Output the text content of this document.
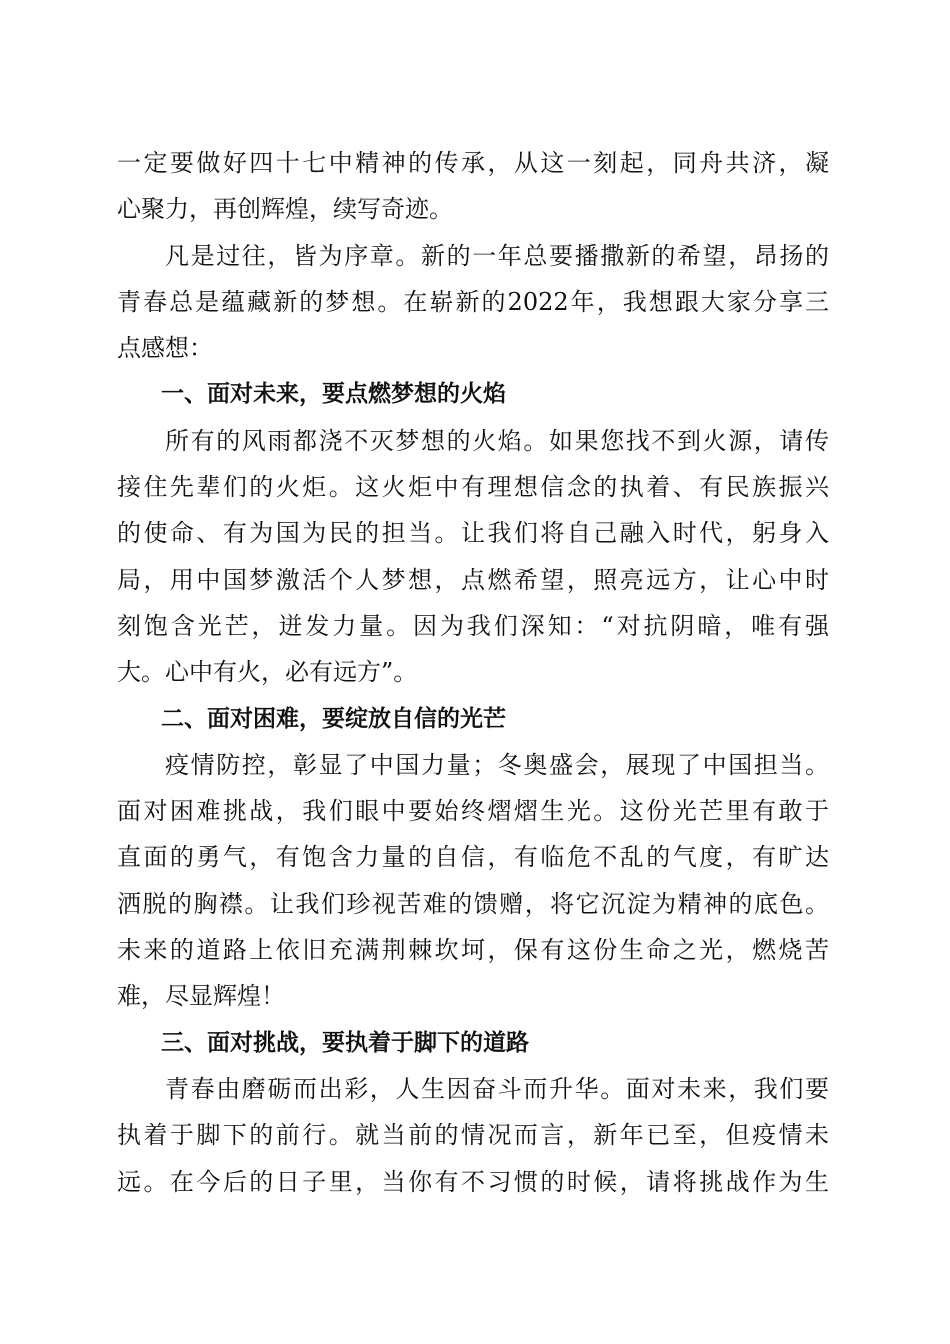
一定要做好四十七中精神的传承，从这一刻起，同舟共济，凝
心聚力，再创辉煌，续写奇迹。
凡是过往，皆为序章。新的一年总要播撒新的希望，昂扬的
青春总是蕴藏新的梦想。在崭新的2022年，我想跟大家分享三
点感想：
一、面对未来，要点燃梦想的火焰
所有的风雨都浇不灭梦想的火焰。如果您找不到火源，请传
接住先辈们的火炬。这火炬中有理想信念的执着、有民族振兴
的使命、有为国为民的担当。让我们将自己融入时代，躬身入
局，用中国梦激活个人梦想，点燃希望，照亮远方，让心中时
刻饱含光芒，迸发力量。因为我们深知：“对抗阴暗，唯有强
大。心中有火，必有远方”。
二、面对困难，要绽放自信的光芒
疫情防控，彰显了中国力量；冬奥盛会，展现了中国担当。
面对困难挑战，我们眼中要始终熠熠生光。这份光芒里有敢于
直面的勇气，有饱含力量的自信，有临危不乱的气度，有旷达
洒脱的胸襟。让我们珍视苦难的馈赠，将它沉淀为精神的底色。
未来的道路上依旧充满荆棘坎坷，保有这份生命之光，燃烧苦
难，尽显辉煌！
三、面对挑战，要执着于脚下的道路
青春由磨砺而出彩，人生因奋斗而升华。面对未来，我们要
执着于脚下的前行。就当前的情况而言，新年已至，但疫情未
远。在今后的日子里，当你有不习惯的时候，请将挑战作为生
